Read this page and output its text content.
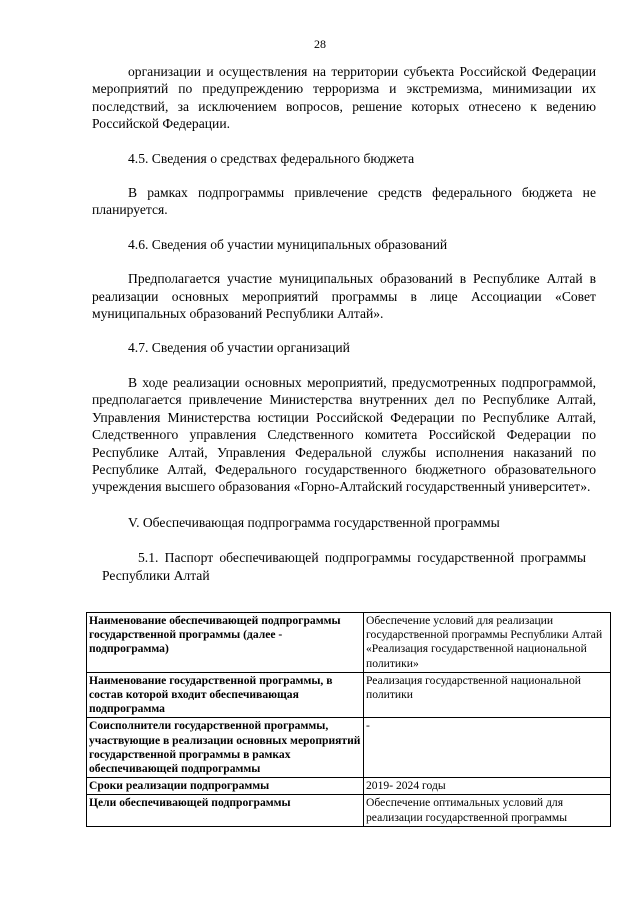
28

организации и осуществления на территории субъекта Российской Федерации мероприятий по предупреждению терроризма и экстремизма, минимизации их последствий, за исключением вопросов, решение которых отнесено к ведению Российской Федерации.

4.5. Сведения о средствах федерального бюджета

В рамках подпрограммы привлечение средств федерального бюджета не планируется.

4.6. Сведения об участии муниципальных образований

Предполагается участие муниципальных образований в Республике Алтай в реализации основных мероприятий программы в лице Ассоциации «Совет муниципальных образований Республики Алтай».

4.7. Сведения об участии организаций

В ходе реализации основных мероприятий, предусмотренных подпрограммой, предполагается привлечение Министерства внутренних дел по Республике Алтай, Управления Министерства юстиции Российской Федерации по Республике Алтай, Следственного управления Следственного комитета Российской Федерации по Республике Алтай, Управления Федеральной службы исполнения наказаний по Республике Алтай, Федерального государственного бюджетного образовательного учреждения высшего образования «Горно-Алтайский государственный университет».

V. Обеспечивающая подпрограмма государственной программы

5.1. Паспорт обеспечивающей подпрограммы государственной программы Республики Алтай

Наименование обеспечивающей подпрограммы государственной программы (далее - подпрограмма)	Обеспечение условий для реализации государственной программы Республики Алтай «Реализация государственной национальной политики»
Наименование государственной программы, в состав которой входит обеспечивающая подпрограмма	Реализация государственной национальной политики
Соисполнители государственной программы, участвующие в реализации основных мероприятий государственной программы в рамках обеспечивающей подпрограммы	-
Сроки реализации подпрограммы	2019- 2024 годы
Цели обеспечивающей подпрограммы	Обеспечение оптимальных условий для реализации государственной программы
